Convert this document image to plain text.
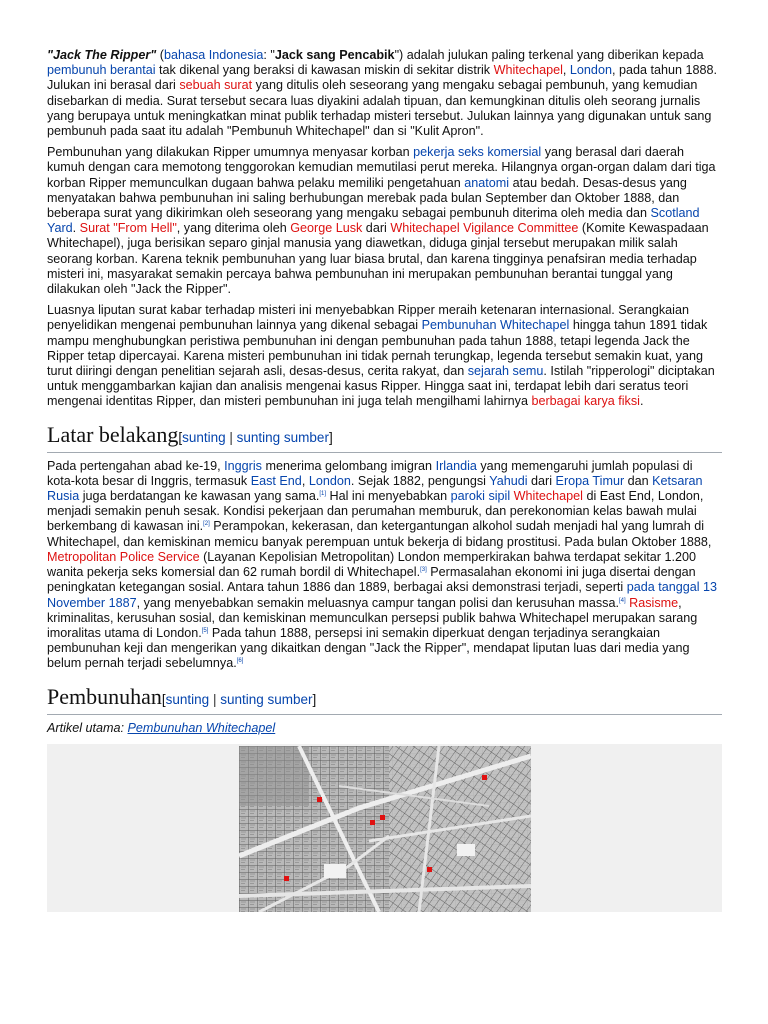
"Jack The Ripper" (bahasa Indonesia: "Jack sang Pencabik") adalah julukan paling terkenal yang diberikan kepada pembunuh berantai tak dikenal yang beraksi di kawasan miskin di sekitar distrik Whitechapel, London, pada tahun 1888. Julukan ini berasal dari sebuah surat yang ditulis oleh seseorang yang mengaku sebagai pembunuh, yang kemudian disebarkan di media. Surat tersebut secara luas diyakini adalah tipuan, dan kemungkinan ditulis oleh seorang jurnalis yang berupaya untuk meningkatkan minat publik terhadap misteri tersebut. Julukan lainnya yang digunakan untuk sang pembunuh pada saat itu adalah "Pembunuh Whitechapel" dan si "Kulit Apron".

Pembunuhan yang dilakukan Ripper umumnya menyasar korban pekerja seks komersial yang berasal dari daerah kumuh dengan cara memotong tenggorokan kemudian memutilasi perut mereka. Hilangnya organ-organ dalam dari tiga korban Ripper memunculkan dugaan bahwa pelaku memiliki pengetahuan anatomi atau bedah. Desas-desus yang menyatakan bahwa pembunuhan ini saling berhubungan merebak pada bulan September dan Oktober 1888, dan beberapa surat yang dikirimkan oleh seseorang yang mengaku sebagai pembunuh diterima oleh media dan Scotland Yard. Surat "From Hell", yang diterima oleh George Lusk dari Whitechapel Vigilance Committee (Komite Kewaspadaan Whitechapel), juga berisikan separo ginjal manusia yang diawetkan, diduga ginjal tersebut merupakan milik salah seorang korban. Karena teknik pembunuhan yang luar biasa brutal, dan karena tingginya penafsiran media terhadap misteri ini, masyarakat semakin percaya bahwa pembunuhan ini merupakan pembunuhan berantai tunggal yang dilakukan oleh "Jack the Ripper".

Luasnya liputan surat kabar terhadap misteri ini menyebabkan Ripper meraih ketenaran internasional. Serangkaian penyelidikan mengenai pembunuhan lainnya yang dikenal sebagai Pembunuhan Whitechapel hingga tahun 1891 tidak mampu menghubungkan peristiwa pembunuhan ini dengan pembunuhan pada tahun 1888, tetapi legenda Jack the Ripper tetap dipercayai. Karena misteri pembunuhan ini tidak pernah terungkap, legenda tersebut semakin kuat, yang turut diiringi dengan penelitian sejarah asli, desas-desus, cerita rakyat, dan sejarah semu. Istilah "ripperologi" diciptakan untuk menggambarkan kajian dan analisis mengenai kasus Ripper. Hingga saat ini, terdapat lebih dari seratus teori mengenai identitas Ripper, dan misteri pembunuhan ini juga telah mengilhami lahirnya berbagai karya fiksi.

Latar belakang[sunting | sunting sumber]

Pada pertengahan abad ke-19, Inggris menerima gelombang imigran Irlandia yang memengaruhi jumlah populasi di kota-kota besar di Inggris, termasuk East End, London. Sejak 1882, pengungsi Yahudi dari Eropa Timur dan Ketsaran Rusia juga berdatangan ke kawasan yang sama.[1] Hal ini menyebabkan paroki sipil Whitechapel di East End, London, menjadi semakin penuh sesak. Kondisi pekerjaan dan perumahan memburuk, dan perekonomian kelas bawah mulai berkembang di kawasan ini.[2] Perampokan, kekerasan, dan ketergantungan alkohol sudah menjadi hal yang lumrah di Whitechapel, dan kemiskinan memicu banyak perempuan untuk bekerja di bidang prostitusi. Pada bulan Oktober 1888, Metropolitan Police Service (Layanan Kepolisian Metropolitan) London memperkirakan bahwa terdapat sekitar 1.200 wanita pekerja seks komersial dan 62 rumah bordil di Whitechapel.[3] Permasalahan ekonomi ini juga disertai dengan peningkatan ketegangan sosial. Antara tahun 1886 dan 1889, berbagai aksi demonstrasi terjadi, seperti pada tanggal 13 November 1887, yang menyebabkan semakin meluasnya campur tangan polisi dan kerusuhan massa.[4] Rasisme, kriminalitas, kerusuhan sosial, dan kemiskinan memunculkan persepsi publik bahwa Whitechapel merupakan sarang imoralitas utama di London.[5] Pada tahun 1888, persepsi ini semakin diperkuat dengan terjadinya serangkaian pembunuhan keji dan mengerikan yang dikaitkan dengan "Jack the Ripper", mendapat liputan luas dari media yang belum pernah terjadi sebelumnya.[6]

Pembunuhan[sunting | sunting sumber]
Artikel utama: Pembunuhan Whitechapel
